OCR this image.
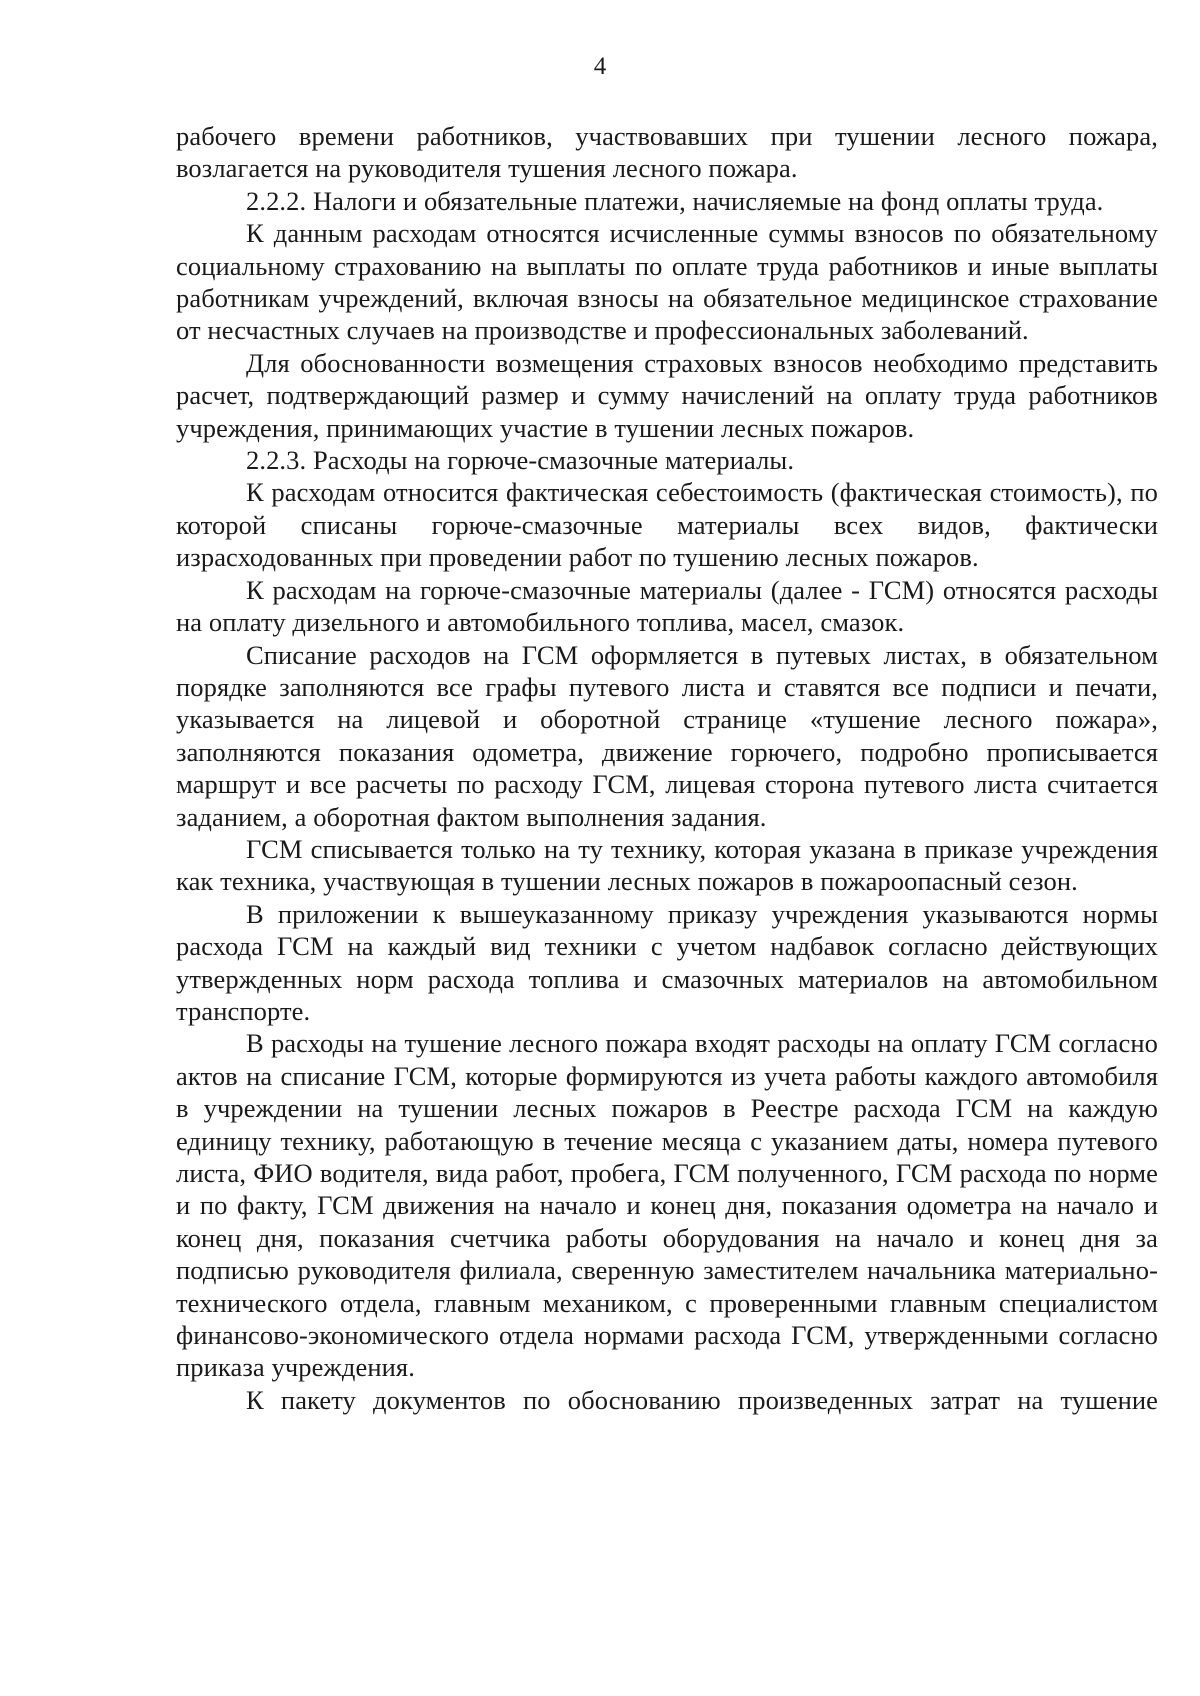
4

рабочего времени работников, участвовавших при тушении лесного пожара, возлагается на руководителя тушения лесного пожара.

2.2.2. Налоги и обязательные платежи, начисляемые на фонд оплаты труда.

К данным расходам относятся исчисленные суммы взносов по обязательному социальному страхованию на выплаты по оплате труда работников и иные выплаты работникам учреждений, включая взносы на обязательное медицинское страхование от несчастных случаев на производстве и профессиональных заболеваний.

Для обоснованности возмещения страховых взносов необходимо представить расчет, подтверждающий размер и сумму начислений на оплату труда работников учреждения, принимающих участие в тушении лесных пожаров.

2.2.3. Расходы на горюче-смазочные материалы.

К расходам относится фактическая себестоимость (фактическая стоимость), по которой списаны горюче-смазочные материалы всех видов, фактически израсходованных при проведении работ по тушению лесных пожаров.

К расходам на горюче-смазочные материалы (далее - ГСМ) относятся расходы на оплату дизельного и автомобильного топлива, масел, смазок.

Списание расходов на ГСМ оформляется в путевых листах, в обязательном порядке заполняются все графы путевого листа и ставятся все подписи и печати, указывается на лицевой и оборотной странице «тушение лесного пожара», заполняются показания одометра, движение горючего, подробно прописывается маршрут и все расчеты по расходу ГСМ, лицевая сторона путевого листа считается заданием, а оборотная фактом выполнения задания.

ГСМ списывается только на ту технику, которая указана в приказе учреждения как техника, участвующая в тушении лесных пожаров в пожароопасный сезон.

В приложении к вышеуказанному приказу учреждения указываются нормы расхода ГСМ на каждый вид техники с учетом надбавок согласно действующих утвержденных норм расхода топлива и смазочных материалов на автомобильном транспорте.

В расходы на тушение лесного пожара входят расходы на оплату ГСМ согласно актов на списание ГСМ, которые формируются из учета работы каждого автомобиля в учреждении на тушении лесных пожаров в Реестре расхода ГСМ на каждую единицу технику, работающую в течение месяца с указанием даты, номера путевого листа, ФИО водителя, вида работ, пробега, ГСМ полученного, ГСМ расхода по норме и по факту, ГСМ движения на начало и конец дня, показания одометра на начало и конец дня, показания счетчика работы оборудования на начало и конец дня за подписью руководителя филиала, сверенную заместителем начальника материально-технического отдела, главным механиком, с проверенными главным специалистом финансово-экономического отдела нормами расхода ГСМ, утвержденными согласно приказа учреждения.

К пакету документов по обоснованию произведенных затрат на тушение
